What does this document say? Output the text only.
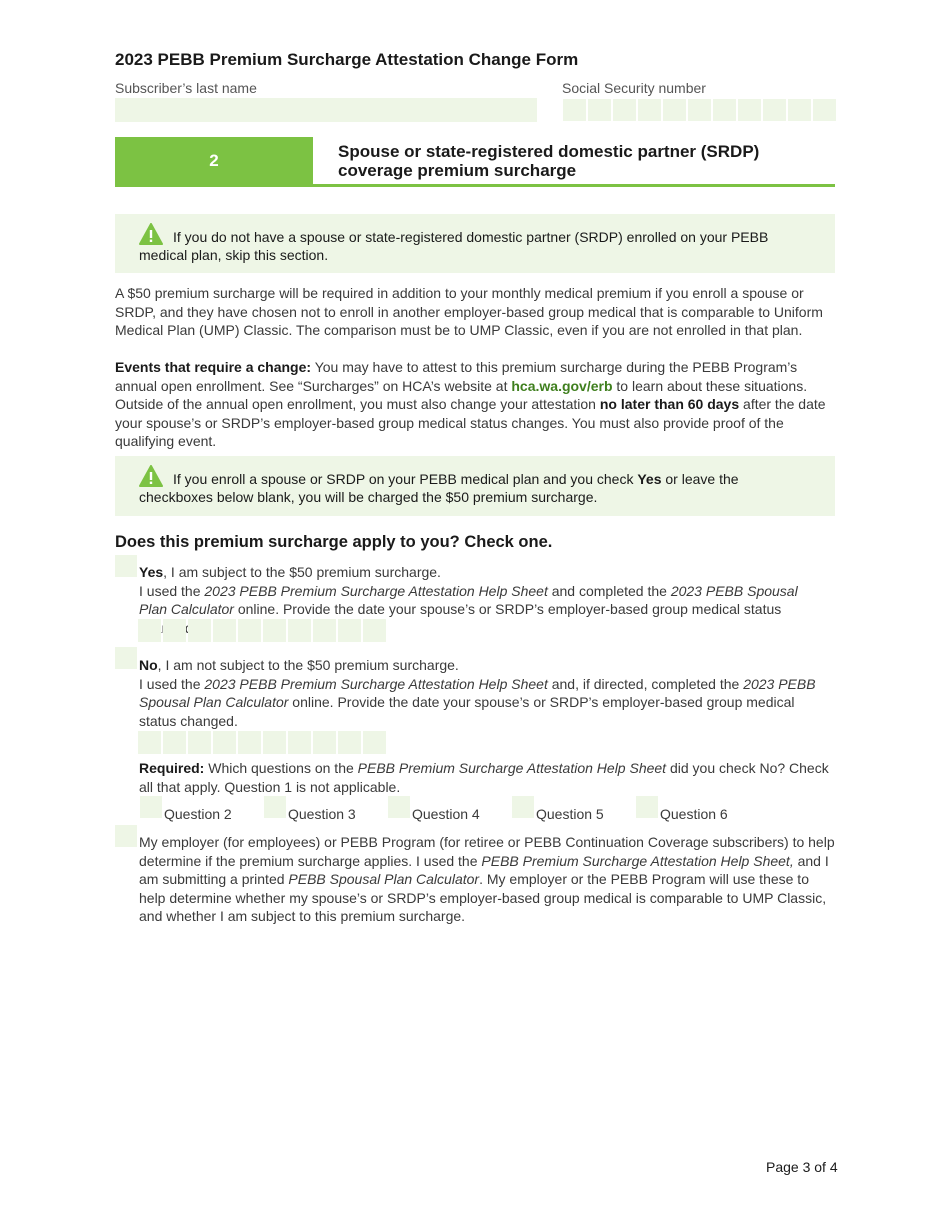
2023 PEBB Premium Surcharge Attestation Change Form
Subscriber’s last name	Social Security number
2	Spouse or state-registered domestic partner (SRDP) coverage premium surcharge
If you do not have a spouse or state-registered domestic partner (SRDP) enrolled on your PEBB medical plan, skip this section.
A $50 premium surcharge will be required in addition to your monthly medical premium if you enroll a spouse or SRDP, and they have chosen not to enroll in another employer-based group medical that is comparable to Uniform Medical Plan (UMP) Classic. The comparison must be to UMP Classic, even if you are not enrolled in that plan.
Events that require a change: You may have to attest to this premium surcharge during the PEBB Program’s annual open enrollment. See “Surcharges” on HCA’s website at hca.wa.gov/erb to learn about these situations. Outside of the annual open enrollment, you must also change your attestation no later than 60 days after the date your spouse’s or SRDP’s employer-based group medical status changes. You must also provide proof of the qualifying event.
If you enroll a spouse or SRDP on your PEBB medical plan and you check Yes or leave the checkboxes below blank, you will be charged the $50 premium surcharge.
Does this premium surcharge apply to you? Check one.
Yes, I am subject to the $50 premium surcharge.
I used the 2023 PEBB Premium Surcharge Attestation Help Sheet and completed the 2023 PEBB Spousal Plan Calculator online. Provide the date your spouse’s or SRDP’s employer-based group medical status
No, I am not subject to the $50 premium surcharge.
I used the 2023 PEBB Premium Surcharge Attestation Help Sheet and, if directed, completed the 2023 PEBB Spousal Plan Calculator online. Provide the date your spouse’s or SRDP’s employer-based group medical status changed.
Required: Which questions on the PEBB Premium Surcharge Attestation Help Sheet did you check No? Check all that apply. Question 1 is not applicable.
Question 2	Question 3	Question 4	Question 5	Question 6
My employer (for employees) or PEBB Program (for retiree or PEBB Continuation Coverage subscribers) to help determine if the premium surcharge applies. I used the PEBB Premium Surcharge Attestation Help Sheet, and I am submitting a printed PEBB Spousal Plan Calculator. My employer or the PEBB Program will use these to help determine whether my spouse’s or SRDP’s employer-based group medical is comparable to UMP Classic, and whether I am subject to this premium surcharge.
Page 3 of 4
